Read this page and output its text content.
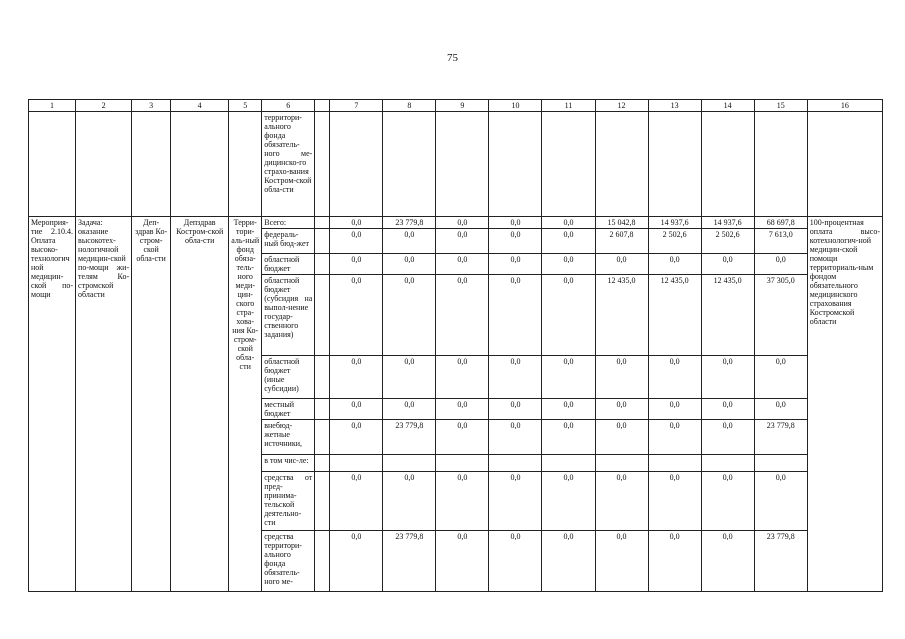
75
1	2	3	4	5	6		7	8	9	10	11	12	13	14	15	16
					территори-ального фонда обязатель-ного ме-дицинско-го страхо-вания Костром-ской обла-сти											
Мероприя-тие 2.10.4. Оплата высоко-технологичной медицин-ской по-мощи	Задача: оказание высокотех-нологичной медицин-ской по-мощи жи-телям Ко-стромской области	Деп-здрав Ко-стром-ской обла-сти	Депздрав Костром-ской обла-сти	Терри-тори-аль-ный фонд обяза-тель-ного меди-цин-ского стра-хова-ния Ко-стром-ской обла-сти	Всего:		0,0	23 779,8	0,0	0,0	0,0	15 042,8	14 937,6	14 937,6	68 697,8	100-процентная оплата высо-котехнологич-ной медицин-ской помощи территориаль-ным фондом обязательного медицинского страхования Костромской области
					федераль-ный бюд-жет		0,0	0,0	0,0	0,0	0,0	2 607,8	2 502,6	2 502,6	7 613,0	
					областной бюджет		0,0	0,0	0,0	0,0	0,0	0,0	0,0	0,0	0,0	
					областной бюджет (субсидия на выпол-нение государ-ственного задания)		0,0	0,0	0,0	0,0	0,0	12 435,0	12 435,0	12 435,0	37 305,0	
					областной бюджет (иные субсидии)		0,0	0,0	0,0	0,0	0,0	0,0	0,0	0,0	0,0	
					местный бюджет		0,0	0,0	0,0	0,0	0,0	0,0	0,0	0,0	0,0	
					внебюд-жетные источники,		0,0	23 779,8	0,0	0,0	0,0	0,0	0,0	0,0	23 779,8	
					в том чис-ле:											
					средства от пред-принима-тельской деятельно-сти		0,0	0,0	0,0	0,0	0,0	0,0	0,0	0,0	0,0	
					средства территори-ального фонда обязатель-ного ме-		0,0	23 779,8	0,0	0,0	0,0	0,0	0,0	0,0	23 779,8	
